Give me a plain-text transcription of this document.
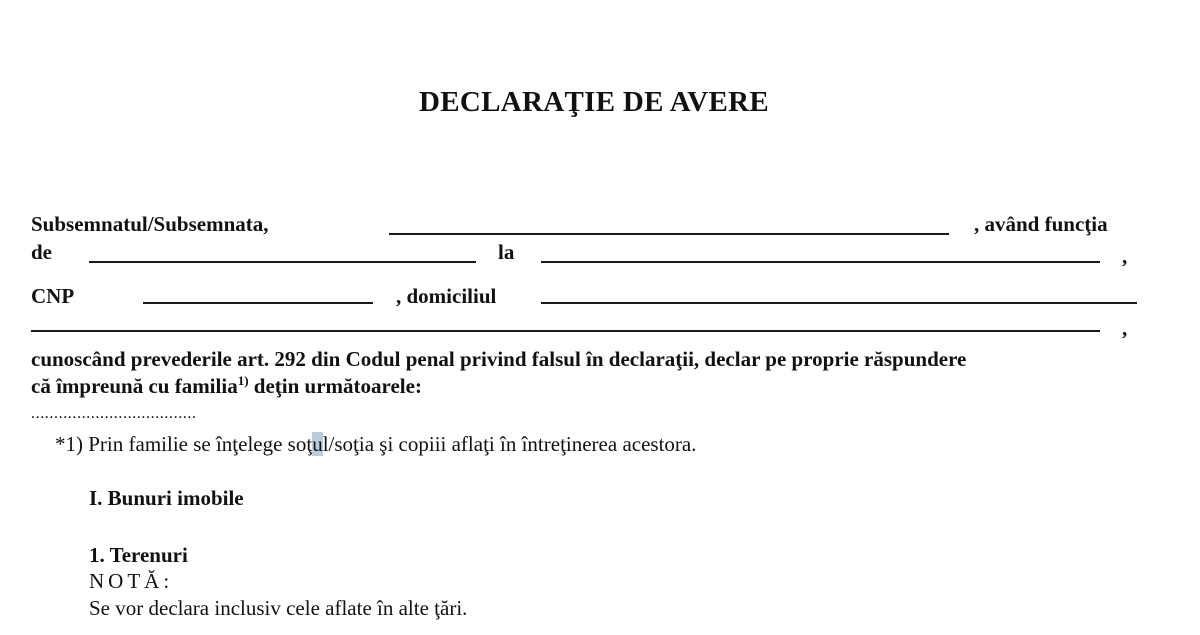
DECLARAŢIE DE AVERE
Subsemnatul/Subsemnata,	, având funcţia
de	la	,
CNP	, domiciliul
,
cunoscând prevederile art. 292 din Codul penal privind falsul în declaraţii, declar pe proprie răspundere
că împreună cu familia$^{1)}$ deţin următoarele:
....................................
*1) Prin familie se înţelege soţul/soţia şi copiii aflaţi în întreţinerea acestora.
I. Bunuri imobile
1. Terenuri
NOTĂ:
Se vor declara inclusiv cele aflate în alte ţări.
